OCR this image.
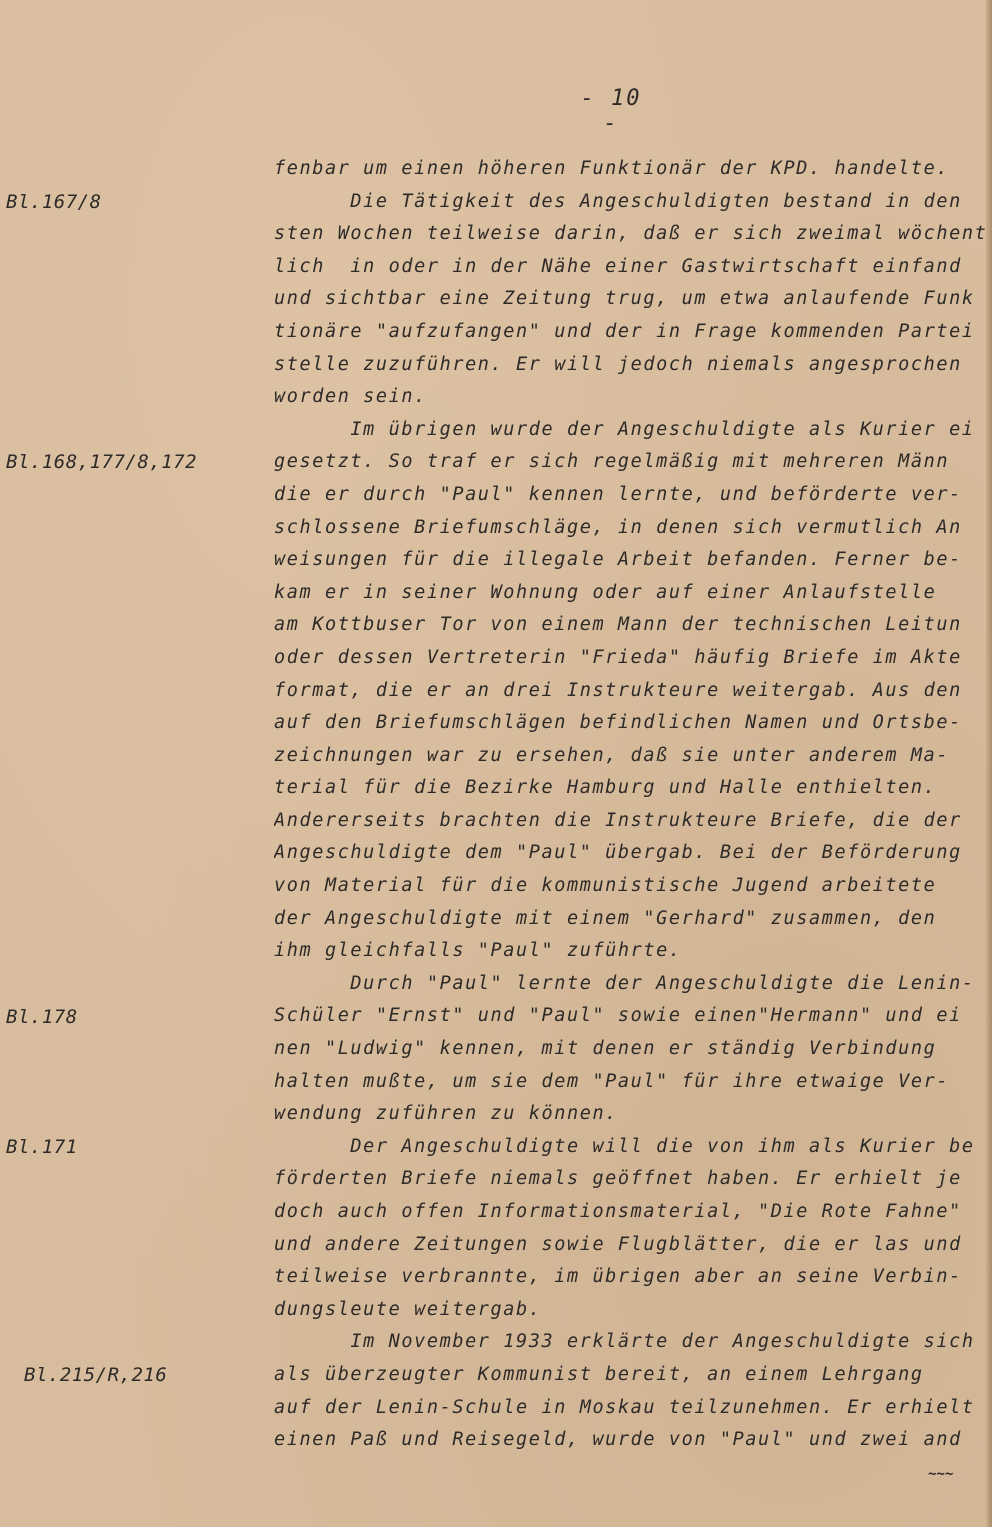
- 10 -
Bl.167/8
Bl.168,177/8,172
Bl.178
Bl.171
Bl.215/R,216
fenbar um einen höheren Funktionär der KPD. handelte.
Die Tätigkeit des Angeschuldigten bestand in den
sten Wochen teilweise darin, daß er sich zweimal wöchent
lich  in oder in der Nähe einer Gastwirtschaft einfand
und sichtbar eine Zeitung trug, um etwa anlaufende Funk
tionäre "aufzufangen" und der in Frage kommenden Partei
stelle zuzuführen. Er will jedoch niemals angesprochen
worden sein.
Im übrigen wurde der Angeschuldigte als Kurier ei
gesetzt. So traf er sich regelmäßig mit mehreren Männ
die er durch "Paul" kennen lernte, und beförderte ver-
schlossene Briefumschläge, in denen sich vermutlich An
weisungen für die illegale Arbeit befanden. Ferner be-
kam er in seiner Wohnung oder auf einer Anlaufstelle
am Kottbuser Tor von einem Mann der technischen Leitun
oder dessen Vertreterin "Frieda" häufig Briefe im Akte
format, die er an drei Instrukteure weitergab. Aus den
auf den Briefumschlägen befindlichen Namen und Ortsbe-
zeichnungen war zu ersehen, daß sie unter anderem Ma-
terial für die Bezirke Hamburg und Halle enthielten.
Andererseits brachten die Instrukteure Briefe, die der
Angeschuldigte dem "Paul" übergab. Bei der Beförderung
von Material für die kommunistische Jugend arbeitete
der Angeschuldigte mit einem "Gerhard" zusammen, den
ihm gleichfalls "Paul" zuführte.
Durch "Paul" lernte der Angeschuldigte die Lenin-
Schüler "Ernst" und "Paul" sowie einen"Hermann" und ei
nen "Ludwig" kennen, mit denen er ständig Verbindung
halten mußte, um sie dem "Paul" für ihre etwaige Ver-
wendung zuführen zu können.
Der Angeschuldigte will die von ihm als Kurier be
förderten Briefe niemals geöffnet haben. Er erhielt je
doch auch offen Informationsmaterial, "Die Rote Fahne"
und andere Zeitungen sowie Flugblätter, die er las und
teilweise verbrannte, im übrigen aber an seine Verbin-
dungsleute weitergab.
Im November 1933 erklärte der Angeschuldigte sich
als überzeugter Kommunist bereit, an einem Lehrgang
auf der Lenin-Schule in Moskau teilzunehmen. Er erhielt
einen Paß und Reisegeld, wurde von "Paul" und zwei and
~~~
